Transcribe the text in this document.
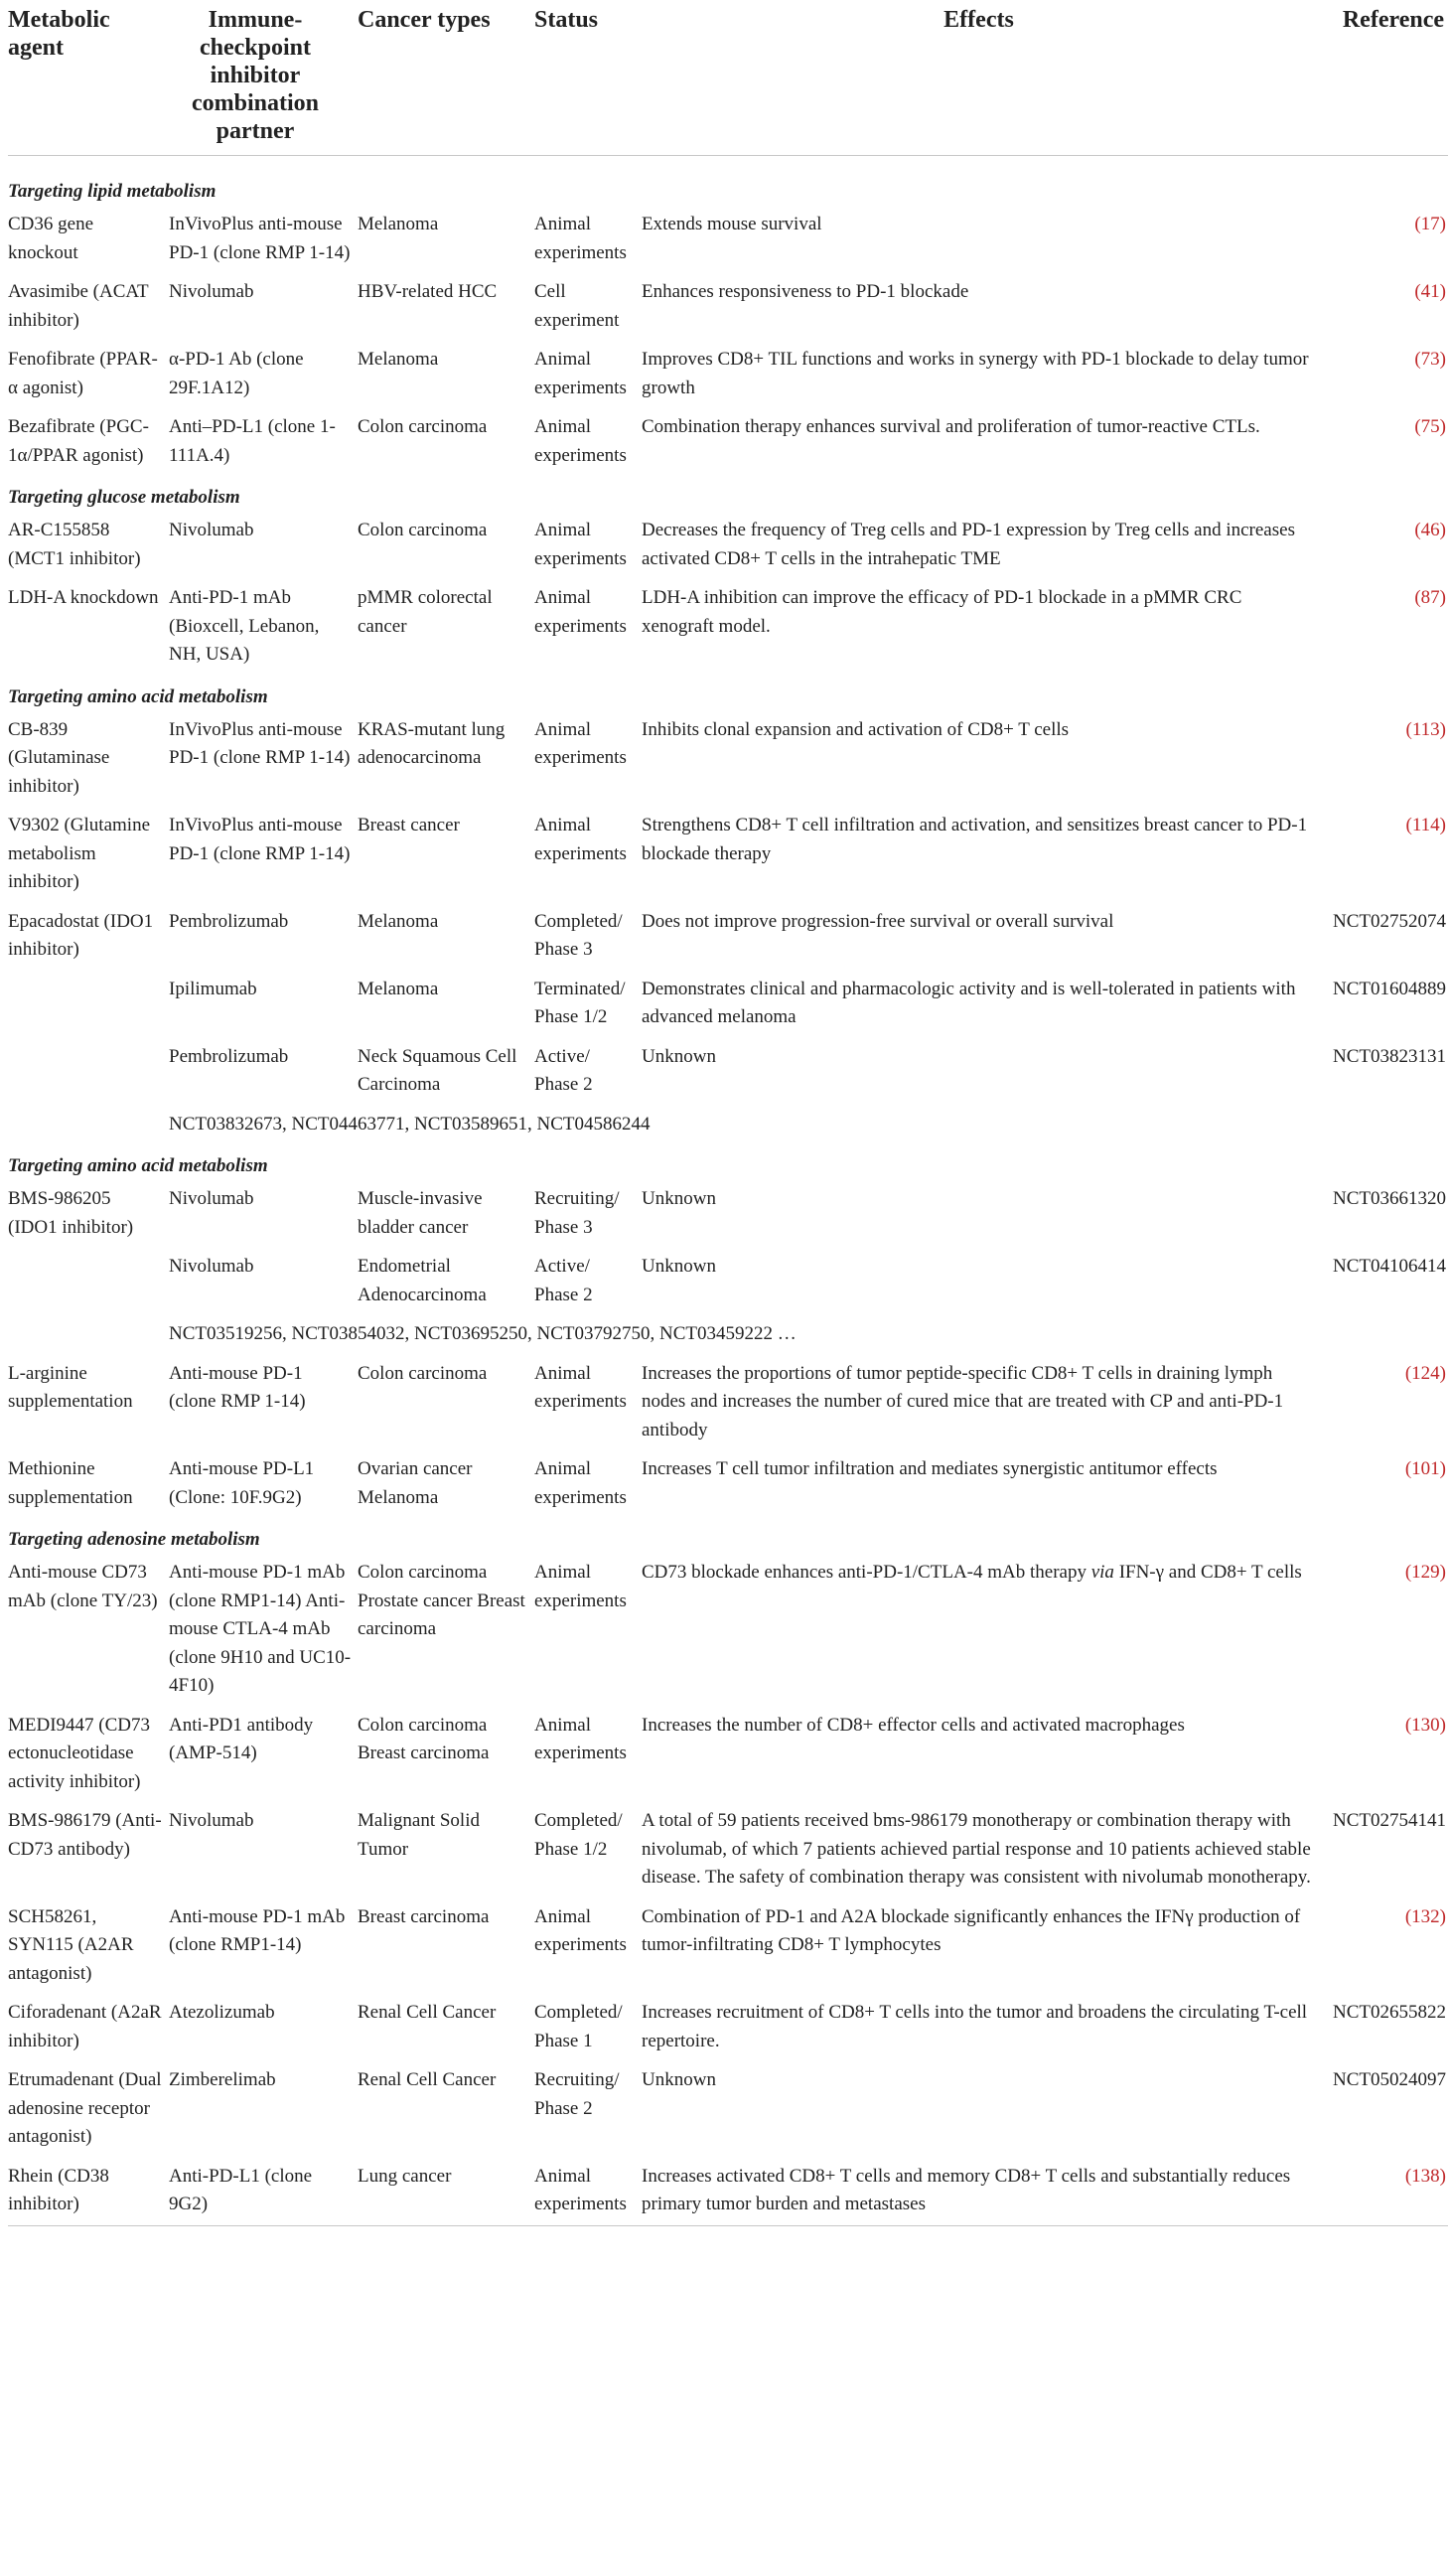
Metabolic agent	Immune-checkpoint inhibitor combination partner	Cancer types	Status	Effects	Reference

Targeting lipid metabolism					
CD36 gene knockout	InVivoPlus anti-mouse PD-1 (clone RMP 1-14)	Melanoma	Animal experiments	Extends mouse survival	(17)
Avasimibe (ACAT inhibitor)	Nivolumab	HBV-related HCC	Cell experiment	Enhances responsiveness to PD-1 blockade	(41)
Fenofibrate (PPAR-α agonist)	α-PD-1 Ab (clone 29F.1A12)	Melanoma	Animal experiments	Improves CD8+ TIL functions and works in synergy with PD-1 blockade to delay tumor growth	(73)
Bezafibrate (PGC-1α/PPAR agonist)	Anti–PD-L1 (clone 1-111A.4)	Colon carcinoma	Animal experiments	Combination therapy enhances survival and proliferation of tumor-reactive CTLs.	(75)
Targeting glucose metabolism					
AR-C155858 (MCT1 inhibitor)	Nivolumab	Colon carcinoma	Animal experiments	Decreases the frequency of Treg cells and PD-1 expression by Treg cells and increases activated CD8+ T cells in the intrahepatic TME	(46)
LDH-A knockdown	Anti-PD-1 mAb (Bioxcell, Lebanon, NH, USA)	pMMR colorectal cancer	Animal experiments	LDH-A inhibition can improve the efficacy of PD-1 blockade in a pMMR CRC xenograft model.	(87)
Targeting amino acid metabolism					
CB-839 (Glutaminase inhibitor)	InVivoPlus anti-mouse PD-1 (clone RMP 1-14)	KRAS-mutant lung adenocarcinoma	Animal experiments	Inhibits clonal expansion and activation of CD8+ T cells	(113)
V9302 (Glutamine metabolism inhibitor)	InVivoPlus anti-mouse PD-1 (clone RMP 1-14)	Breast cancer	Animal experiments	Strengthens CD8+ T cell infiltration and activation, and sensitizes breast cancer to PD-1 blockade therapy	(114)
Epacadostat (IDO1 inhibitor)	Pembrolizumab	Melanoma	Completed/ Phase 3	Does not improve progression-free survival or overall survival	NCT02752074
	Ipilimumab	Melanoma	Terminated/ Phase 1/2	Demonstrates clinical and pharmacologic activity and is well-tolerated in patients with advanced melanoma	NCT01604889
	Pembrolizumab	Neck Squamous Cell Carcinoma	Active/ Phase 2	Unknown	NCT03823131
	NCT03832673, NCT04463771, NCT03589651, NCT04586244				
Targeting amino acid metabolism					
BMS-986205 (IDO1 inhibitor)	Nivolumab	Muscle-invasive bladder cancer	Recruiting/ Phase 3	Unknown	NCT03661320
	Nivolumab	Endometrial Adenocarcinoma	Active/ Phase 2	Unknown	NCT04106414
	NCT03519256, NCT03854032, NCT03695250, NCT03792750, NCT03459222 …				
L-arginine supplementation	Anti-mouse PD-1 (clone RMP 1-14)	Colon carcinoma	Animal experiments	Increases the proportions of tumor peptide-specific CD8+ T cells in draining lymph nodes and increases the number of cured mice that are treated with CP and anti-PD-1 antibody	(124)
Methionine supplementation	Anti-mouse PD-L1 (Clone: 10F.9G2)	Ovarian cancer Melanoma	Animal experiments	Increases T cell tumor infiltration and mediates synergistic antitumor effects	(101)
Targeting adenosine metabolism					
Anti-mouse CD73 mAb (clone TY/23)	Anti-mouse PD-1 mAb (clone RMP1-14) Anti-mouse CTLA-4 mAb (clone 9H10 and UC10-4F10)	Colon carcinoma Prostate cancer Breast carcinoma	Animal experiments	CD73 blockade enhances anti-PD-1/CTLA-4 mAb therapy via IFN-γ and CD8+ T cells	(129)
MEDI9447 (CD73 ectonucleotidase activity inhibitor)	Anti-PD1 antibody (AMP-514)	Colon carcinoma Breast carcinoma	Animal experiments	Increases the number of CD8+ effector cells and activated macrophages	(130)
BMS-986179 (Anti-CD73 antibody)	Nivolumab	Malignant Solid Tumor	Completed/ Phase 1/2	A total of 59 patients received bms-986179 monotherapy or combination therapy with nivolumab, of which 7 patients achieved partial response and 10 patients achieved stable disease. The safety of combination therapy was consistent with nivolumab monotherapy.	NCT02754141
SCH58261, SYN115 (A2AR antagonist)	Anti-mouse PD-1 mAb (clone RMP1-14)	Breast carcinoma	Animal experiments	Combination of PD-1 and A2A blockade significantly enhances the IFNγ production of tumor-infiltrating CD8+ T lymphocytes	(132)
Ciforadenant (A2aR inhibitor)	Atezolizumab	Renal Cell Cancer	Completed/ Phase 1	Increases recruitment of CD8+ T cells into the tumor and broadens the circulating T-cell repertoire.	NCT02655822
Etrumadenant (Dual adenosine receptor antagonist)	Zimberelimab	Renal Cell Cancer	Recruiting/ Phase 2	Unknown	NCT05024097
Rhein (CD38 inhibitor)	Anti-PD-L1 (clone 9G2)	Lung cancer	Animal experiments	Increases activated CD8+ T cells and memory CD8+ T cells and substantially reduces primary tumor burden and metastases	(138)
